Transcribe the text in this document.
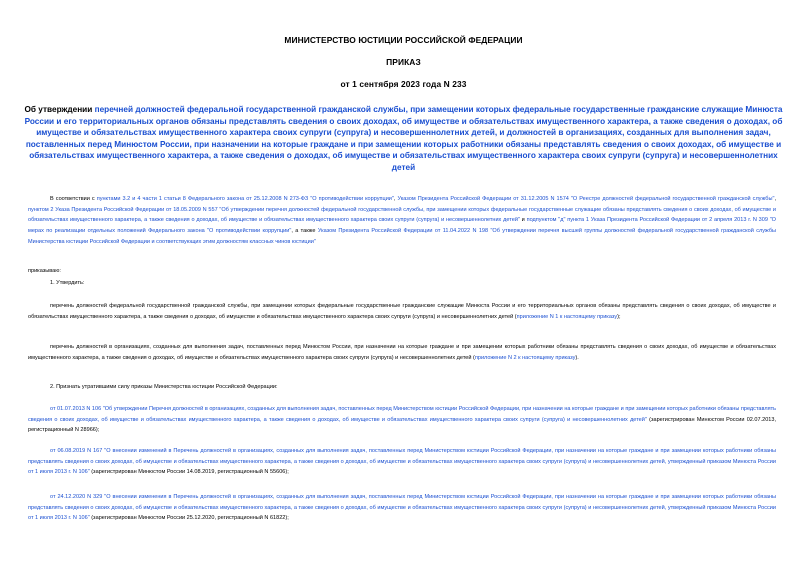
МИНИСТЕРСТВО ЮСТИЦИИ РОССИЙСКОЙ ФЕДЕРАЦИИ
ПРИКАЗ
от 1 сентября 2023 года N 233
Об утверждении перечней должностей федеральной государственной гражданской службы, при замещении которых федеральные государственные гражданские служащие Минюста России и его территориальных органов обязаны представлять сведения о своих доходах, об имуществе и обязательствах имущественного характера, а также сведения о доходах, об имуществе и обязательствах имущественного характера своих супруги (супруга) и несовершеннолетних детей, и должностей в организациях, созданных для выполнения задач, поставленных перед Минюстом России, при назначении на которые граждане и при замещении которых работники обязаны представлять сведения о своих доходах, об имуществе и обязательствах имущественного характера, а также сведения о доходах, об имуществе и обязательствах имущественного характера своих супруги (супруга) и несовершеннолетних детей
В соответствии с пунктами 3.2 и 4 части 1 статьи 8 Федерального закона от 25.12.2008 N 273-ФЗ "О противодействии коррупции", Указом Президента Российской Федерации от 31.12.2005 N 1574 "О Реестре должностей федеральной государственной гражданской службы", пунктом 2 Указа Президента Российской Федерации от 18.05.2009 N 557 "Об утверждении перечня должностей федеральной государственной службы, при замещении которых федеральные государственные служащие обязаны представлять сведения о своих доходах, об имуществе и обязательствах имущественного характера, а также сведения о доходах, об имуществе и обязательствах имущественного характера своих супруги (супруга) и несовершеннолетних детей" и подпунктом "д" пункта 1 Указа Президента Российской Федерации от 2 апреля 2013 г. N 309 "О мерах по реализации отдельных положений Федерального закона "О противодействии коррупции", а также Указом Президента Российской Федерации от 11.04.2022 N 198 "Об утверждении перечня высшей группы должностей федеральной государственной гражданской службы Министерства юстиции Российской Федерации и соответствующих этим должностям классных чинов юстиции"
приказываю:
1. Утвердить:
перечень должностей федеральной государственной гражданской службы, при замещении которых федеральные государственные гражданские служащие Минюста России и его территориальных органов обязаны представлять сведения о своих доходах, об имуществе и обязательствах имущественного характера, а также сведения о доходах, об имуществе и обязательствах имущественного характера своих супруги (супруга) и несовершеннолетних детей (приложение N 1 к настоящему приказу);
перечень должностей в организациях, созданных для выполнения задач, поставленных перед Минюстом России, при назначении на которые граждане и при замещении которых работники обязаны представлять сведения о своих доходах, об имуществе и обязательствах имущественного характера, а также сведения о доходах, об имуществе и обязательствах имущественного характера своих супруги (супруга) и несовершеннолетних детей (приложение N 2 к настоящему приказу).
2. Признать утратившими силу приказы Министерства юстиции Российской Федерации:
от 01.07.2013 N 106 "Об утверждении Перечня должностей в организациях, созданных для выполнения задач, поставленных перед Министерством юстиции Российской Федерации, при назначении на которые граждане и при замещении которых работники обязаны представлять сведения о своих доходах, об имуществе и обязательствах имущественного характера, а также сведения о доходах, об имуществе и обязательствах имущественного характера своих супруги (супруга) и несовершеннолетних детей" (зарегистрирован Минюстом России 02.07.2013, регистрационный N 28966);
от 06.08.2019 N 167 "О внесении изменений в Перечень должностей в организациях, созданных для выполнения задач, поставленных перед Министерством юстиции Российской Федерации, при назначении на которые граждане и при замещении которых работники обязаны представлять сведения о своих доходах, об имуществе и обязательствах имущественного характера, а также сведения о доходах, об имуществе и обязательствах имущественного характера своих супруги (супруга) и несовершеннолетних детей, утвержденный приказом Минюста России от 1 июля 2013 г. N 106" (зарегистрирован Минюстом России 14.08.2019, регистрационный N 55606);
от 24.12.2020 N 329 "О внесении изменения в Перечень должностей в организациях, созданных для выполнения задач, поставленных перед Министерством юстиции Российской Федерации, при назначении на которые граждане и при замещении которых работники обязаны представлять сведения о своих доходах, об имуществе и обязательствах имущественного характера, а также сведения о доходах, об имуществе и обязательствах имущественного характера своих супруги (супруга) и несовершеннолетних детей, утвержденный приказом Минюста России от 1 июля 2013 г. N 106" (зарегистрирован Минюстом России 25.12.2020, регистрационный N 61822);
